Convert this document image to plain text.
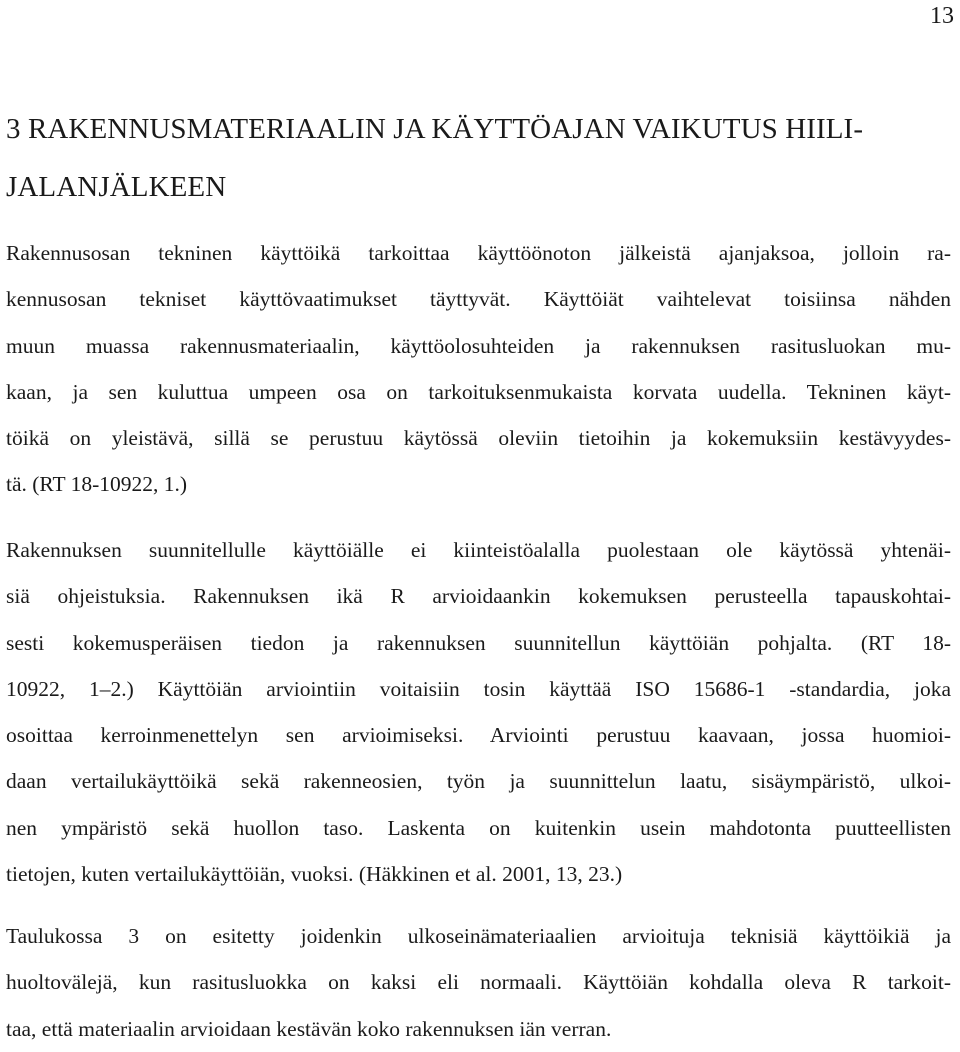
13
3 RAKENNUSMATERIAALIN JA KÄYTTÖAJAN VAIKUTUS HIILI-
JALANJÄLKEEN

Rakennusosan tekninen käyttöikä tarkoittaa käyttöönoton jälkeistä ajanjaksoa, jolloin ra-
kennusosan tekniset käyttövaatimukset täyttyvät. Käyttöiät vaihtelevat toisiinsa nähden
muun muassa rakennusmateriaalin, käyttöolosuhteiden ja rakennuksen rasitusluokan mu-
kaan, ja sen kuluttua umpeen osa on tarkoituksenmukaista korvata uudella. Tekninen käyt-
töikä on yleistävä, sillä se perustuu käytössä oleviin tietoihin ja kokemuksiin kestävyydes-
tä. (RT 18-10922, 1.)

Rakennuksen suunnitellulle käyttöiälle ei kiinteistöalalla puolestaan ole käytössä yhtenäi-
siä ohjeistuksia. Rakennuksen ikä R arvioidaankin kokemuksen perusteella tapauskohtai-
sesti kokemusperäisen tiedon ja rakennuksen suunnitellun käyttöiän pohjalta. (RT 18-
10922, 1–2.) Käyttöiän arviointiin voitaisiin tosin käyttää ISO 15686-1 -standardia, joka
osoittaa kerroinmenettelyn sen arvioimiseksi. Arviointi perustuu kaavaan, jossa huomioi-
daan vertailukäyttöikä sekä rakenneosien, työn ja suunnittelun laatu, sisäympäristö, ulkoi-
nen ympäristö sekä huollon taso. Laskenta on kuitenkin usein mahdotonta puutteellisten
tietojen, kuten vertailukäyttöiän, vuoksi. (Häkkinen et al. 2001, 13, 23.)

Taulukossa 3 on esitetty joidenkin ulkoseinämateriaalien arvioituja teknisiä käyttöikiä ja
huoltovälejä, kun rasitusluokka on kaksi eli normaali. Käyttöiän kohdalla oleva R tarkoit-
taa, että materiaalin arvioidaan kestävän koko rakennuksen iän verran.
